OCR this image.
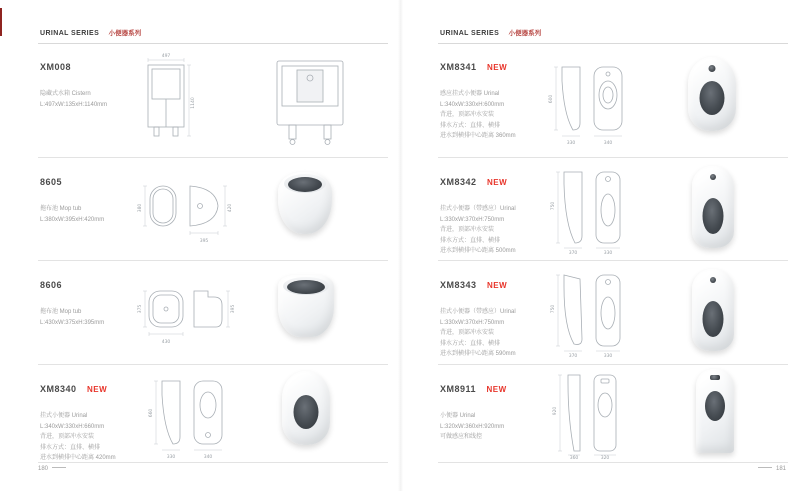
URINAL SERIES 小便器系列
XM008
隐藏式水箱 Cistern
L:497xW:135xH:1140mm
497
1140
8605
拖布池 Mop tub
L:380xW:395xH:420mm
380	420
395
8606
拖布池 Mop tub
L:430xW:375xH:395mm
375
430
395
XM8340 NEW
挂式小便器 Urinal
L:340xW:330xH:660mm
背进，顶部冲水安装
排水方式：直排、横排
进水到横排中心距离 420mm
660
330	340
180
URINAL SERIES 小便器系列
XM8341 NEW
感应挂式小便器 Urinal
L:340xW:330xH:600mm
背进，顶部冲水安装
排水方式：直排、横排
进水到横排中心距离 360mm
600
330	340
XM8342 NEW
挂式小便器（带感应）Urinal
L:330xW:370xH:750mm
背进，顶部冲水安装
排水方式：直排、横排
进水到横排中心距离 500mm
750
370	330
XM8343 NEW
挂式小便器（带感应）Urinal
L:330xW:370xH:750mm
背进，顶部冲水安装
排水方式：直排、横排
进水到横排中心距离 590mm
750
370	330
XM8911 NEW
小便器 Urinal
L:320xW:360xH:920mm
可做感应和线控
920
360	320
181
